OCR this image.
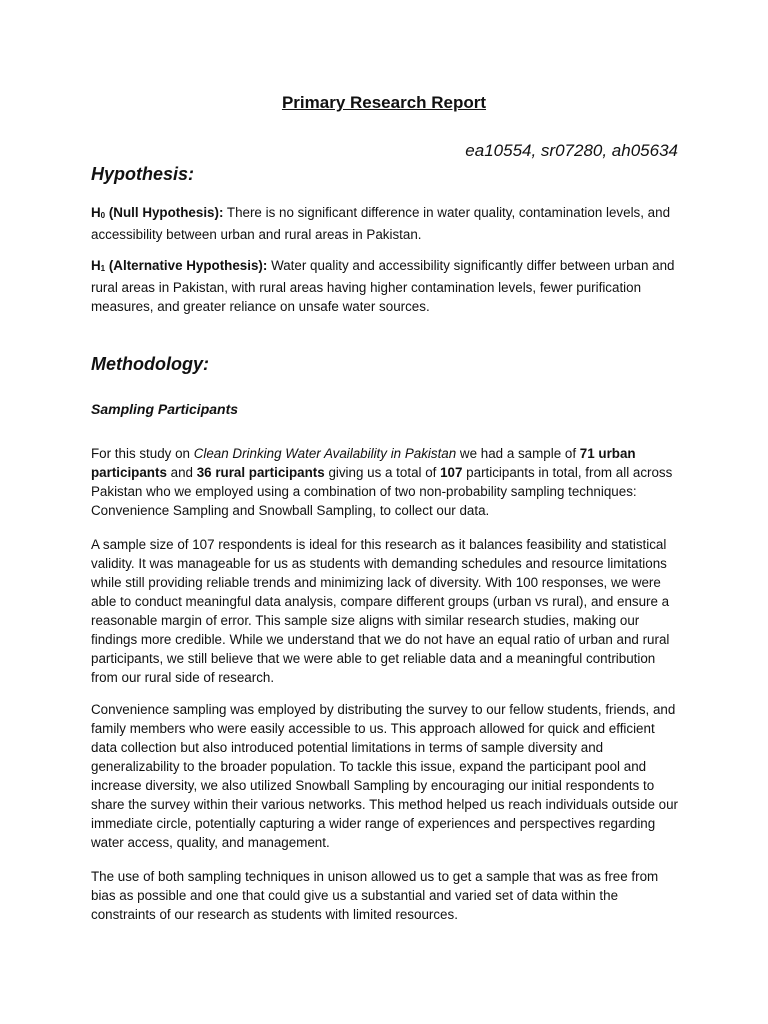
Primary Research Report
ea10554, sr07280, ah05634
Hypothesis:
H0 (Null Hypothesis): There is no significant difference in water quality, contamination levels, and accessibility between urban and rural areas in Pakistan.
H1 (Alternative Hypothesis): Water quality and accessibility significantly differ between urban and rural areas in Pakistan, with rural areas having higher contamination levels, fewer purification measures, and greater reliance on unsafe water sources.
Methodology:
Sampling Participants
For this study on Clean Drinking Water Availability in Pakistan we had a sample of 71 urban participants and 36 rural participants giving us a total of 107 participants in total, from all across Pakistan who we employed using a combination of two non-probability sampling techniques: Convenience Sampling and Snowball Sampling, to collect our data.
A sample size of 107 respondents is ideal for this research as it balances feasibility and statistical validity. It was manageable for us as students with demanding schedules and resource limitations while still providing reliable trends and minimizing lack of diversity. With 100 responses, we were able to conduct meaningful data analysis, compare different groups (urban vs rural), and ensure a reasonable margin of error. This sample size aligns with similar research studies, making our findings more credible. While we understand that we do not have an equal ratio of urban and rural participants, we still believe that we were able to get reliable data and a meaningful contribution from our rural side of research.
Convenience sampling was employed by distributing the survey to our fellow students, friends, and family members who were easily accessible to us. This approach allowed for quick and efficient data collection but also introduced potential limitations in terms of sample diversity and generalizability to the broader population. To tackle this issue, expand the participant pool and increase diversity, we also utilized Snowball Sampling by encouraging our initial respondents to share the survey within their various networks. This method helped us reach individuals outside our immediate circle, potentially capturing a wider range of experiences and perspectives regarding water access, quality, and management.
The use of both sampling techniques in unison allowed us to get a sample that was as free from bias as possible and one that could give us a substantial and varied set of data within the constraints of our research as students with limited resources.
